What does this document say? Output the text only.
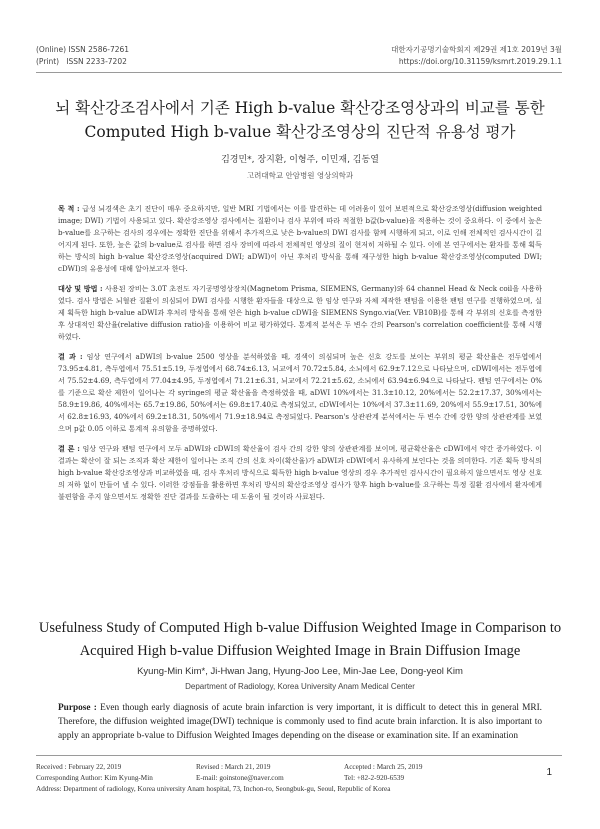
(Online) ISSN 2586-7261
(Print)   ISSN 2233-7202
대한자기공명기술학회지 제29권 제1호 2019년 3월
https://doi.org/10.31159/ksmrt.2019.29.1.1
뇌 확산강조검사에서 기존 High b-value 확산강조영상과의 비교를 통한
Computed High b-value 확산강조영상의 진단적 유용성 평가
김경민*, 장지환, 이형주, 이민재, 김동열
고려대학교 안암병원 영상의학과

목 적 : 급성 뇌경색은 초기 진단이 매우 중요하지만, 일반 MRI 기법에서는 이를 발견하는 데 어려움이 있어 보편적으로 확산강조영상(diffusion weighted image; DWI) 기법이 사용되고 있다. 확산강조영상 검사에서는 질환이나 검사 부위에 따라 적절한 b값(b-value)을 적용하는 것이 중요하다. 이 중에서 높은 b-value를 요구하는 검사의 경우에는 정확한 진단을 위해서 추가적으로 낮은 b-value의 DWI 검사를 함께 시행하게 되고, 이로 인해 전체적인 검사시간이 길어지게 된다. 또한, 높은 값의 b-value로 검사를 하면 검사 장비에 따라서 전체적인 영상의 질이 현저히 저하될 수 있다. 이에 본 연구에서는 환자를 통해 획득하는 방식의 high b-value 확산강조영상(acquired DWI; aDWI)이 아닌 후처리 방식을 통해 재구성한 high b-value 확산강조영상(computed DWI; cDWI)의 유용성에 대해 알아보고자 한다.

대상 및 방법 : 사용된 장비는 3.0T 초전도 자기공명영상장치(Magnetom Prisma, SIEMENS, Germany)와 64 channel Head & Neck coil을 사용하였다. 검사 방법은 뇌혈관 질환이 의심되어 DWI 검사를 시행한 환자들을 대상으로 한 임상 연구와 자체 제작한 팬텀을 이용한 팬텀 연구를 진행하였으며, 실제 획득한 high b-value aDWI과 후처리 방식을 통해 얻은 high b-value cDWI을 SIEMENS Syngo.via(Ver. VB10B)를 통해 각 부위의 신호를 측정한 후 상대적인 확산율(relative diffusion ratio)을 이용하여 비교 평가하였다. 통계적 분석은 두 변수 간의 Pearson's correlation coefficient를 통해 시행하였다.

결 과 : 임상 연구에서 aDWI의 b-value 2500 영상을 분석하였을 때, 경색이 의심되며 높은 신호 강도를 보이는 부위의 평균 확산율은 전두엽에서 73.95±4.81, 측두엽에서 75.51±5.19, 두정엽에서 68.74±6.13, 뇌교에서 70.72±5.84, 소뇌에서 62.9±7.12으로 나타났으며, cDWI에서는 전두엽에서 75.52±4.69, 측두엽에서 77.04±4.95, 두정엽에서 71.21±6.31, 뇌교에서 72.21±5.62, 소뇌에서 63.94±6.94으로 나타났다. 팬텀 연구에서는 0%를 기준으로 확산 제한이 일어나는 각 syringe의 평균 확산율을 측정하였을 때, aDWI 10%에서는 31.3±10.12, 20%에서는 52.2±17.37, 30%에서는 58.9±19.86, 40%에서는 65.7±19.86, 50%에서는 69.8±17.40로 측정되었고, cDWI에서는 10%에서 37.3±11.69, 20%에서 55.9±17.51, 30%에서 62.8±16.93, 40%에서 69.2±18.31, 50%에서 71.9±18.94로 측정되었다. Pearson's 상관관계 분석에서는 두 변수 간에 강한 양의 상관관계를 보였으며 p값 0.05 이하로 통계적 유의함을 증명하였다.

결 론 : 임상 연구와 팬텀 연구에서 모두 aDWI와 cDWI의 확산율이 검사 간의 강한 양의 상관관계를 보이며, 평균확산율은 cDWI에서 약간 증가하였다. 이 결과는 확산이 잘 되는 조직과 확산 제한이 일어나는 조직 간의 신호 차이(확산율)가 aDWI과 cDWI에서 유사하게 보인다는 것을 의미한다. 기존 획득 방식의 high b-value 확산강조영상과 비교하였을 때, 검사 후처리 방식으로 획득한 high b-value 영상의 경우 추가적인 검사시간이 필요하지 않으면서도 영상 신호의 저하 없이 만들어 낼 수 있다. 이러한 강점들을 활용하면 후처리 방식의 확산강조영상 검사가 향후 high b-value를 요구하는 특정 질환 검사에서 환자에게 불편함을 주지 않으면서도 정확한 진단 결과를 도출하는 데 도움이 될 것이라 사료된다.

Usefulness Study of Computed High b-value Diffusion Weighted Image in Comparison to
Acquired High b-value Diffusion Weighted Image in Brain Diffusion Image
Kyung-Min Kim*, Ji-Hwan Jang, Hyung-Joo Lee, Min-Jae Lee, Dong-yeol Kim
Department of Radiology, Korea University Anam Medical Center

Purpose : Even though early diagnosis of acute brain infarction is very important, it is difficult to detect this in general MRI. Therefore, the diffusion weighted image(DWI) technique is commonly used to find acute brain infarction. It is also important to apply an appropriate b-value to Diffusion Weighted Images depending on the disease or examination site. If an examination

Received : February 22, 2019	Revised : March 21, 2019	Accepted : March 25, 2019
Corresponding Author: Kim Kyung-Min	E-mail: goinstone@naver.com	Tel: +82-2-920-6539
Address: Department of radiology, Korea university Anam hospital, 73, Inchon-ro, Seongbuk-gu, Seoul, Republic of Korea
1
